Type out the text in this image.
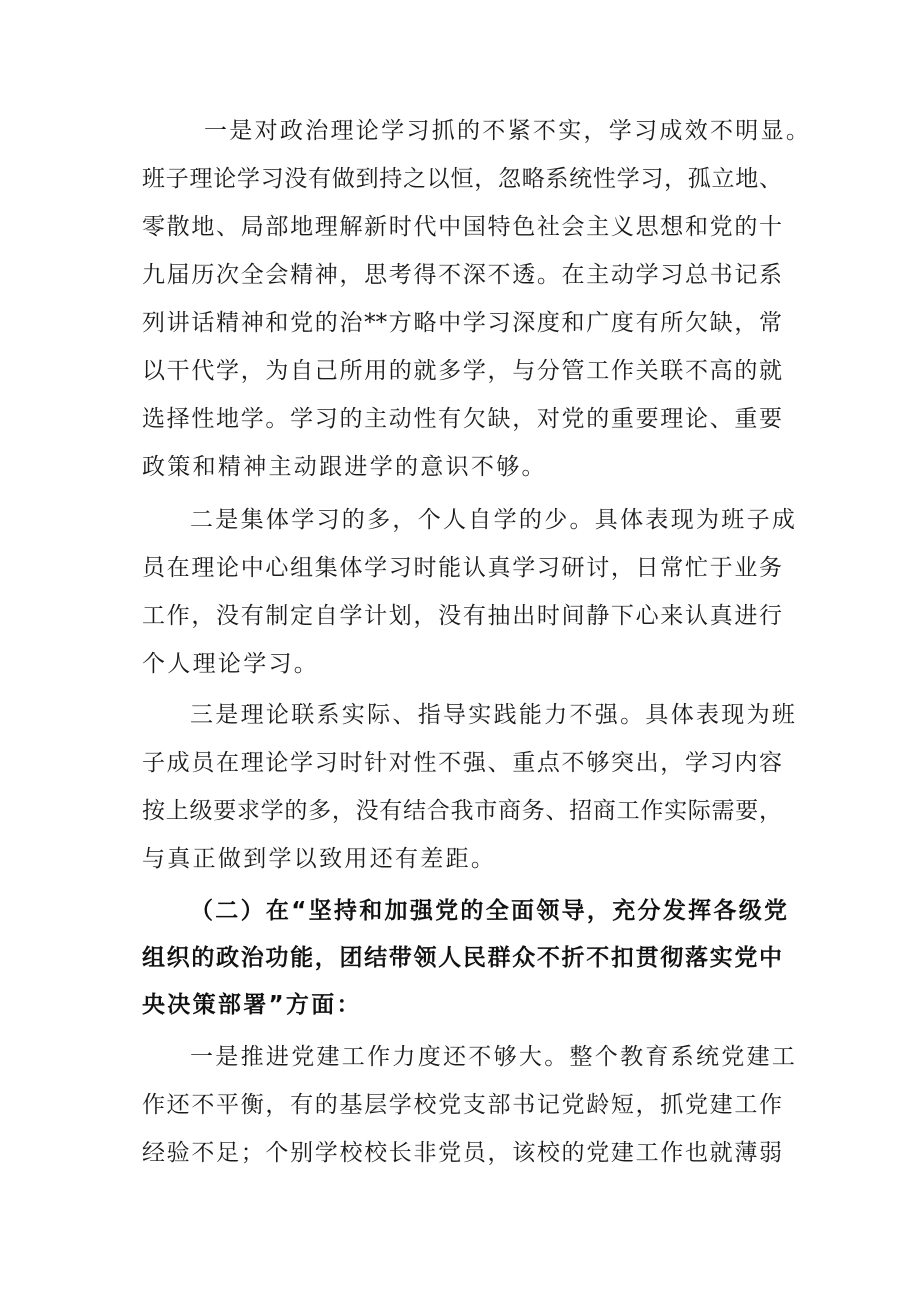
一是对政治理论学习抓的不紧不实，学习成效不明显。
班子理论学习没有做到持之以恒，忽略系统性学习，孤立地、
零散地、局部地理解新时代中国特色社会主义思想和党的十
九届历次全会精神，思考得不深不透。在主动学习总书记系
列讲话精神和党的治**方略中学习深度和广度有所欠缺，常
以干代学，为自己所用的就多学，与分管工作关联不高的就
选择性地学。学习的主动性有欠缺，对党的重要理论、重要
政策和精神主动跟进学的意识不够。
二是集体学习的多，个人自学的少。具体表现为班子成
员在理论中心组集体学习时能认真学习研讨，日常忙于业务
工作，没有制定自学计划，没有抽出时间静下心来认真进行
个人理论学习。
三是理论联系实际、指导实践能力不强。具体表现为班
子成员在理论学习时针对性不强、重点不够突出，学习内容
按上级要求学的多，没有结合我市商务、招商工作实际需要，
与真正做到学以致用还有差距。
（二）在“坚持和加强党的全面领导，充分发挥各级党
组织的政治功能，团结带领人民群众不折不扣贯彻落实党中
央决策部署”方面：
一是推进党建工作力度还不够大。整个教育系统党建工
作还不平衡，有的基层学校党支部书记党龄短，抓党建工作
经验不足；个别学校校长非党员，该校的党建工作也就薄弱
